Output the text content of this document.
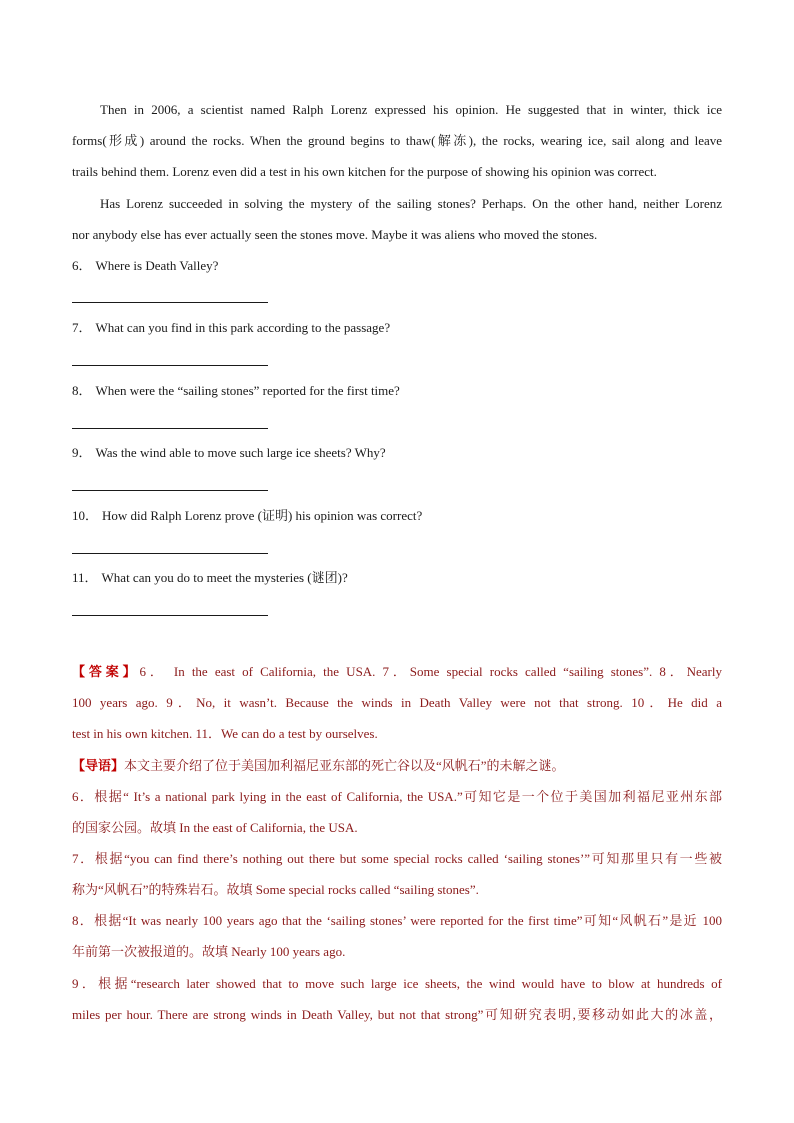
Then in 2006, a scientist named Ralph Lorenz expressed his opinion. He suggested that in winter, thick ice
forms(形成) around the rocks. When the ground begins to thaw(解冻), the rocks, wearing ice, sail along and leave
trails behind them. Lorenz even did a test in his own kitchen for the purpose of showing his opinion was correct.
Has Lorenz succeeded in solving the mystery of the sailing stones? Perhaps. On the other hand, neither Lorenz
nor anybody else has ever actually seen the stones move. Maybe it was aliens who moved the stones.
6． Where is Death Valley?
7． What can you find in this park according to the passage?
8． When were the “sailing stones” reported for the first time?
9． Was the wind able to move such large ice sheets? Why?
10． How did Ralph Lorenz prove (证明) his opinion was correct?
11． What can you do to meet the mysteries (谜团)?
【答案】6． In the east of California, the USA. 7．Some special rocks called “sailing stones”. 8．Nearly
100 years ago. 9．No, it wasn’t. Because the winds in Death Valley were not that strong. 10．He did a
test in his own kitchen. 11．We can do a test by ourselves.
【导语】本文主要介绍了位于美国加利福尼亚东部的死亡谷以及“风帆石”的未解之谜。
6．根据“ It’s a national park lying in the east of California, the USA.”可知它是一个位于美国加利福尼亚州东部
的国家公园。故填 In the east of California, the USA.
7．根据“you can find there’s nothing out there but some special rocks called ‘sailing stones’”可知那里只有一些被
称为“风帆石”的特殊岩石。故填 Some special rocks called “sailing stones”.
8．根据“It was nearly 100 years ago that the ‘sailing stones’ were reported for the first time”可知“风帆石”是近 100
年前第一次被报道的。故填 Nearly 100 years ago.
9．根据“research later showed that to move such large ice sheets, the wind would have to blow at hundreds of
miles per hour. There are strong winds in Death Valley, but not that strong”可知研究表明,要移动如此大的冰盖，
